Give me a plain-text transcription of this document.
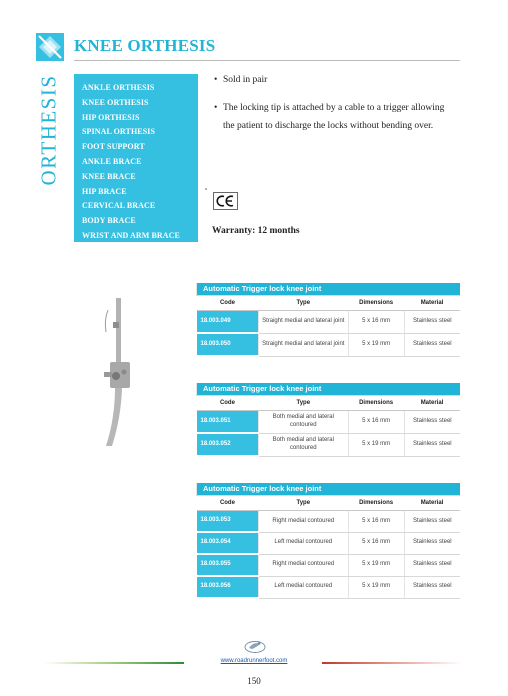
KNEE ORTHESIS
ORTHESIS	ANKLE ORTHESIS
KNEE ORTHESIS
HIP ORTHESIS
SPINAL ORTHESIS
FOOT SUPPORT
ANKLE BRACE
KNEE BRACE
HIP BRACE
CERVICAL BRACE
BODY BRACE
WRIST AND ARM BRACE
• Sold in pair
• The locking tip is attached by a cable to a trigger allowing the patient to discharge the locks without bending over.
Warranty: 12 months
Automatic Trigger lock knee joint			
Code	Type	Dimensions	Material
18.003.049	Straight medial and lateral joint	5 x 16 mm	Stainless steel
18.003.050	Straight medial and lateral joint	5 x 19 mm	Stainless steel
Automatic Trigger lock knee joint			
Code	Type	Dimensions	Material
18.003.051	Both medial and lateral contoured	5 x 16 mm	Stainless steel
18.003.052	Both medial and lateral contoured	5 x 19 mm	Stainless steel
Automatic Trigger lock knee joint			
Code	Type	Dimensions	Material
18.003.053	Right medial contoured	5 x 16 mm	Stainless steel
18.003.054	Left medial contoured	5 x 16 mm	Stainless steel
18.003.055	Right medial contoured	5 x 19 mm	Stainless steel
18.003.056	Left medial contoured	5 x 19 mm	Stainless steel
www.roadrunnerfoot.com
150
